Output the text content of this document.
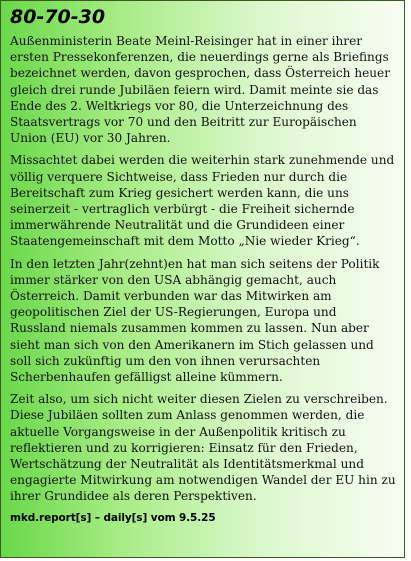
80-70-30

Außenministerin Beate Meinl-Reisinger hat in einer ihrer ersten Pressekonferenzen, die neuerdings gerne als Briefings bezeichnet werden, davon gesprochen, dass Österreich heuer gleich drei runde Jubiläen feiern wird. Damit meinte sie das Ende des 2. Weltkriegs vor 80, die Unterzeichnung des Staatsvertrags vor 70 und den Beitritt zur Europäischen Union (EU) vor 30 Jahren.

Missachtet dabei werden die weiterhin stark zunehmende und völlig verquere Sichtweise, dass Frieden nur durch die Bereitschaft zum Krieg gesichert werden kann, die uns seinerzeit - vertraglich verbürgt - die Freiheit sichernde immerwährende Neutralität und die Grundideen einer Staatengemeinschaft mit dem Motto „Nie wieder Krieg“.

In den letzten Jahr(zehnt)en hat man sich seitens der Politik immer stärker von den USA abhängig gemacht, auch Österreich. Damit verbunden war das Mitwirken am geopolitischen Ziel der US-Regierungen, Europa und Russland niemals zusammen kommen zu lassen. Nun aber sieht man sich von den Amerikanern im Stich gelassen und soll sich zukünftig um den von ihnen verursachten Scherbenhaufen gefälligst alleine kümmern.

Zeit also, um sich nicht weiter diesen Zielen zu verschreiben. Diese Jubiläen sollten zum Anlass genommen werden, die aktuelle Vorgangsweise in der Außenpolitik kritisch zu reflektieren und zu korrigieren: Einsatz für den Frieden, Wertschätzung der Neutralität als Identitätsmerkmal und engagierte Mitwirkung am notwendigen Wandel der EU hin zu ihrer Grundidee als deren Perspektiven.

mkd.report[s] – daily[s] vom 9.5.25
